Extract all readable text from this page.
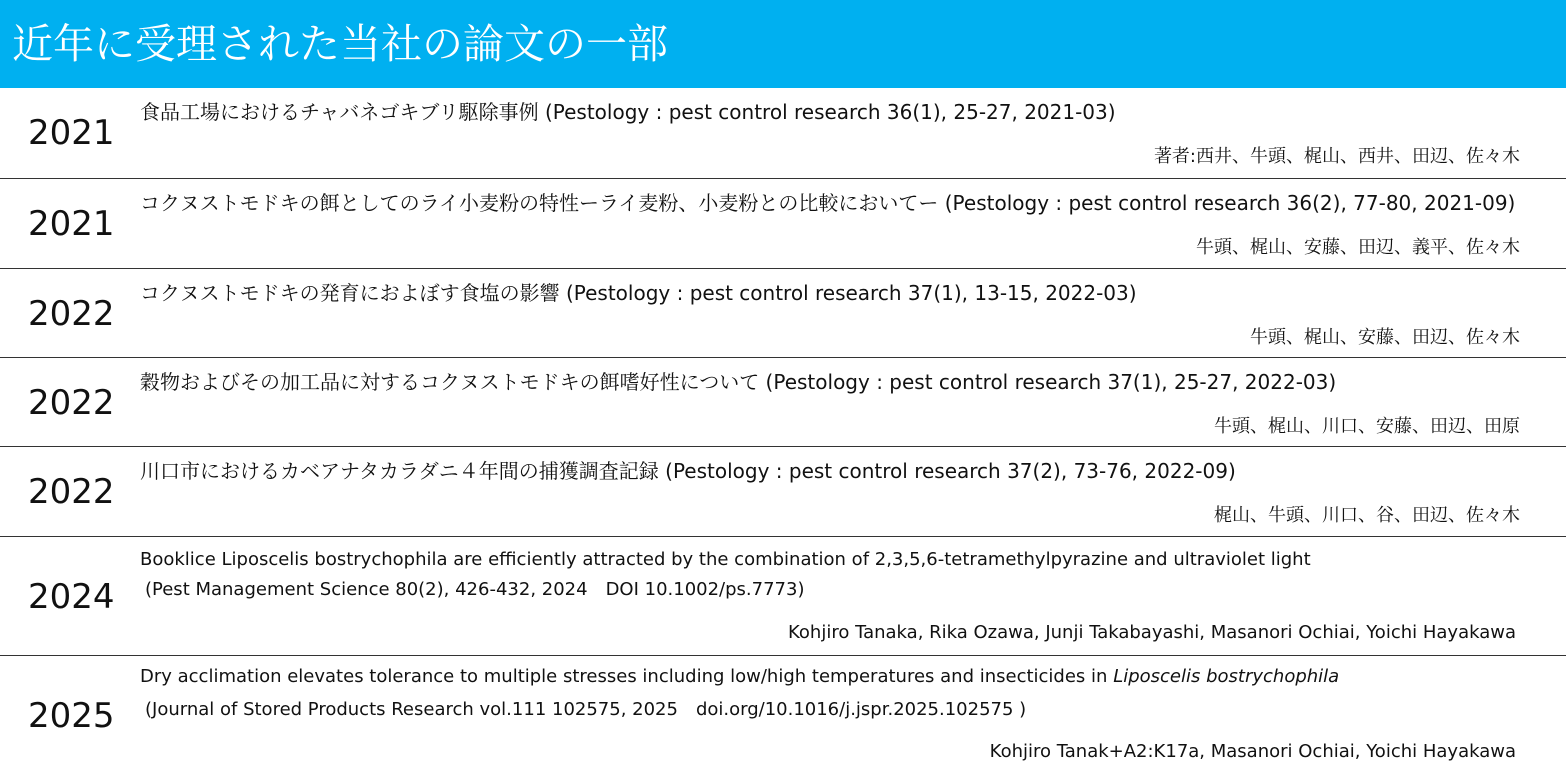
近年に受理された当社の論文の一部
2021
食品工場におけるチャバネゴキブリ駆除事例 (Pestology : pest control research 36(1), 25-27, 2021-03)
著者:西井、牛頭、梶山、西井、田辺、佐々木
2021
コクヌストモドキの餌としてのライ小麦粉の特性ーライ麦粉、小麦粉との比較においてー (Pestology : pest control research 36(2), 77-80, 2021-09)
牛頭、梶山、安藤、田辺、義平、佐々木
2022
コクヌストモドキの発育におよぼす食塩の影響 (Pestology : pest control research 37(1), 13-15, 2022-03)
牛頭、梶山、安藤、田辺、佐々木
2022
穀物およびその加工品に対するコクヌストモドキの餌嗜好性について (Pestology : pest control research 37(1), 25-27, 2022-03)
牛頭、梶山、川口、安藤、田辺、田原
2022
川口市におけるカベアナタカラダニ４年間の捕獲調査記録 (Pestology : pest control research 37(2), 73-76, 2022-09)
梶山、牛頭、川口、谷、田辺、佐々木
2024
Booklice Liposcelis bostrychophila are efficiently attracted by the combination of 2,3,5,6-tetramethylpyrazine and ultraviolet light
(Pest Management Science 80(2), 426-432, 2024　DOI 10.1002/ps.7773)
Kohjiro Tanaka, Rika Ozawa, Junji Takabayashi, Masanori Ochiai, Yoichi Hayakawa
2025
Dry acclimation elevates tolerance to multiple stresses including low/high temperatures and insecticides in Liposcelis bostrychophila
(Journal of Stored Products Research vol.111 102575, 2025　doi.org/10.1016/j.jspr.2025.102575 )
Kohjiro Tanak+A2:K17a, Masanori Ochiai, Yoichi Hayakawa
